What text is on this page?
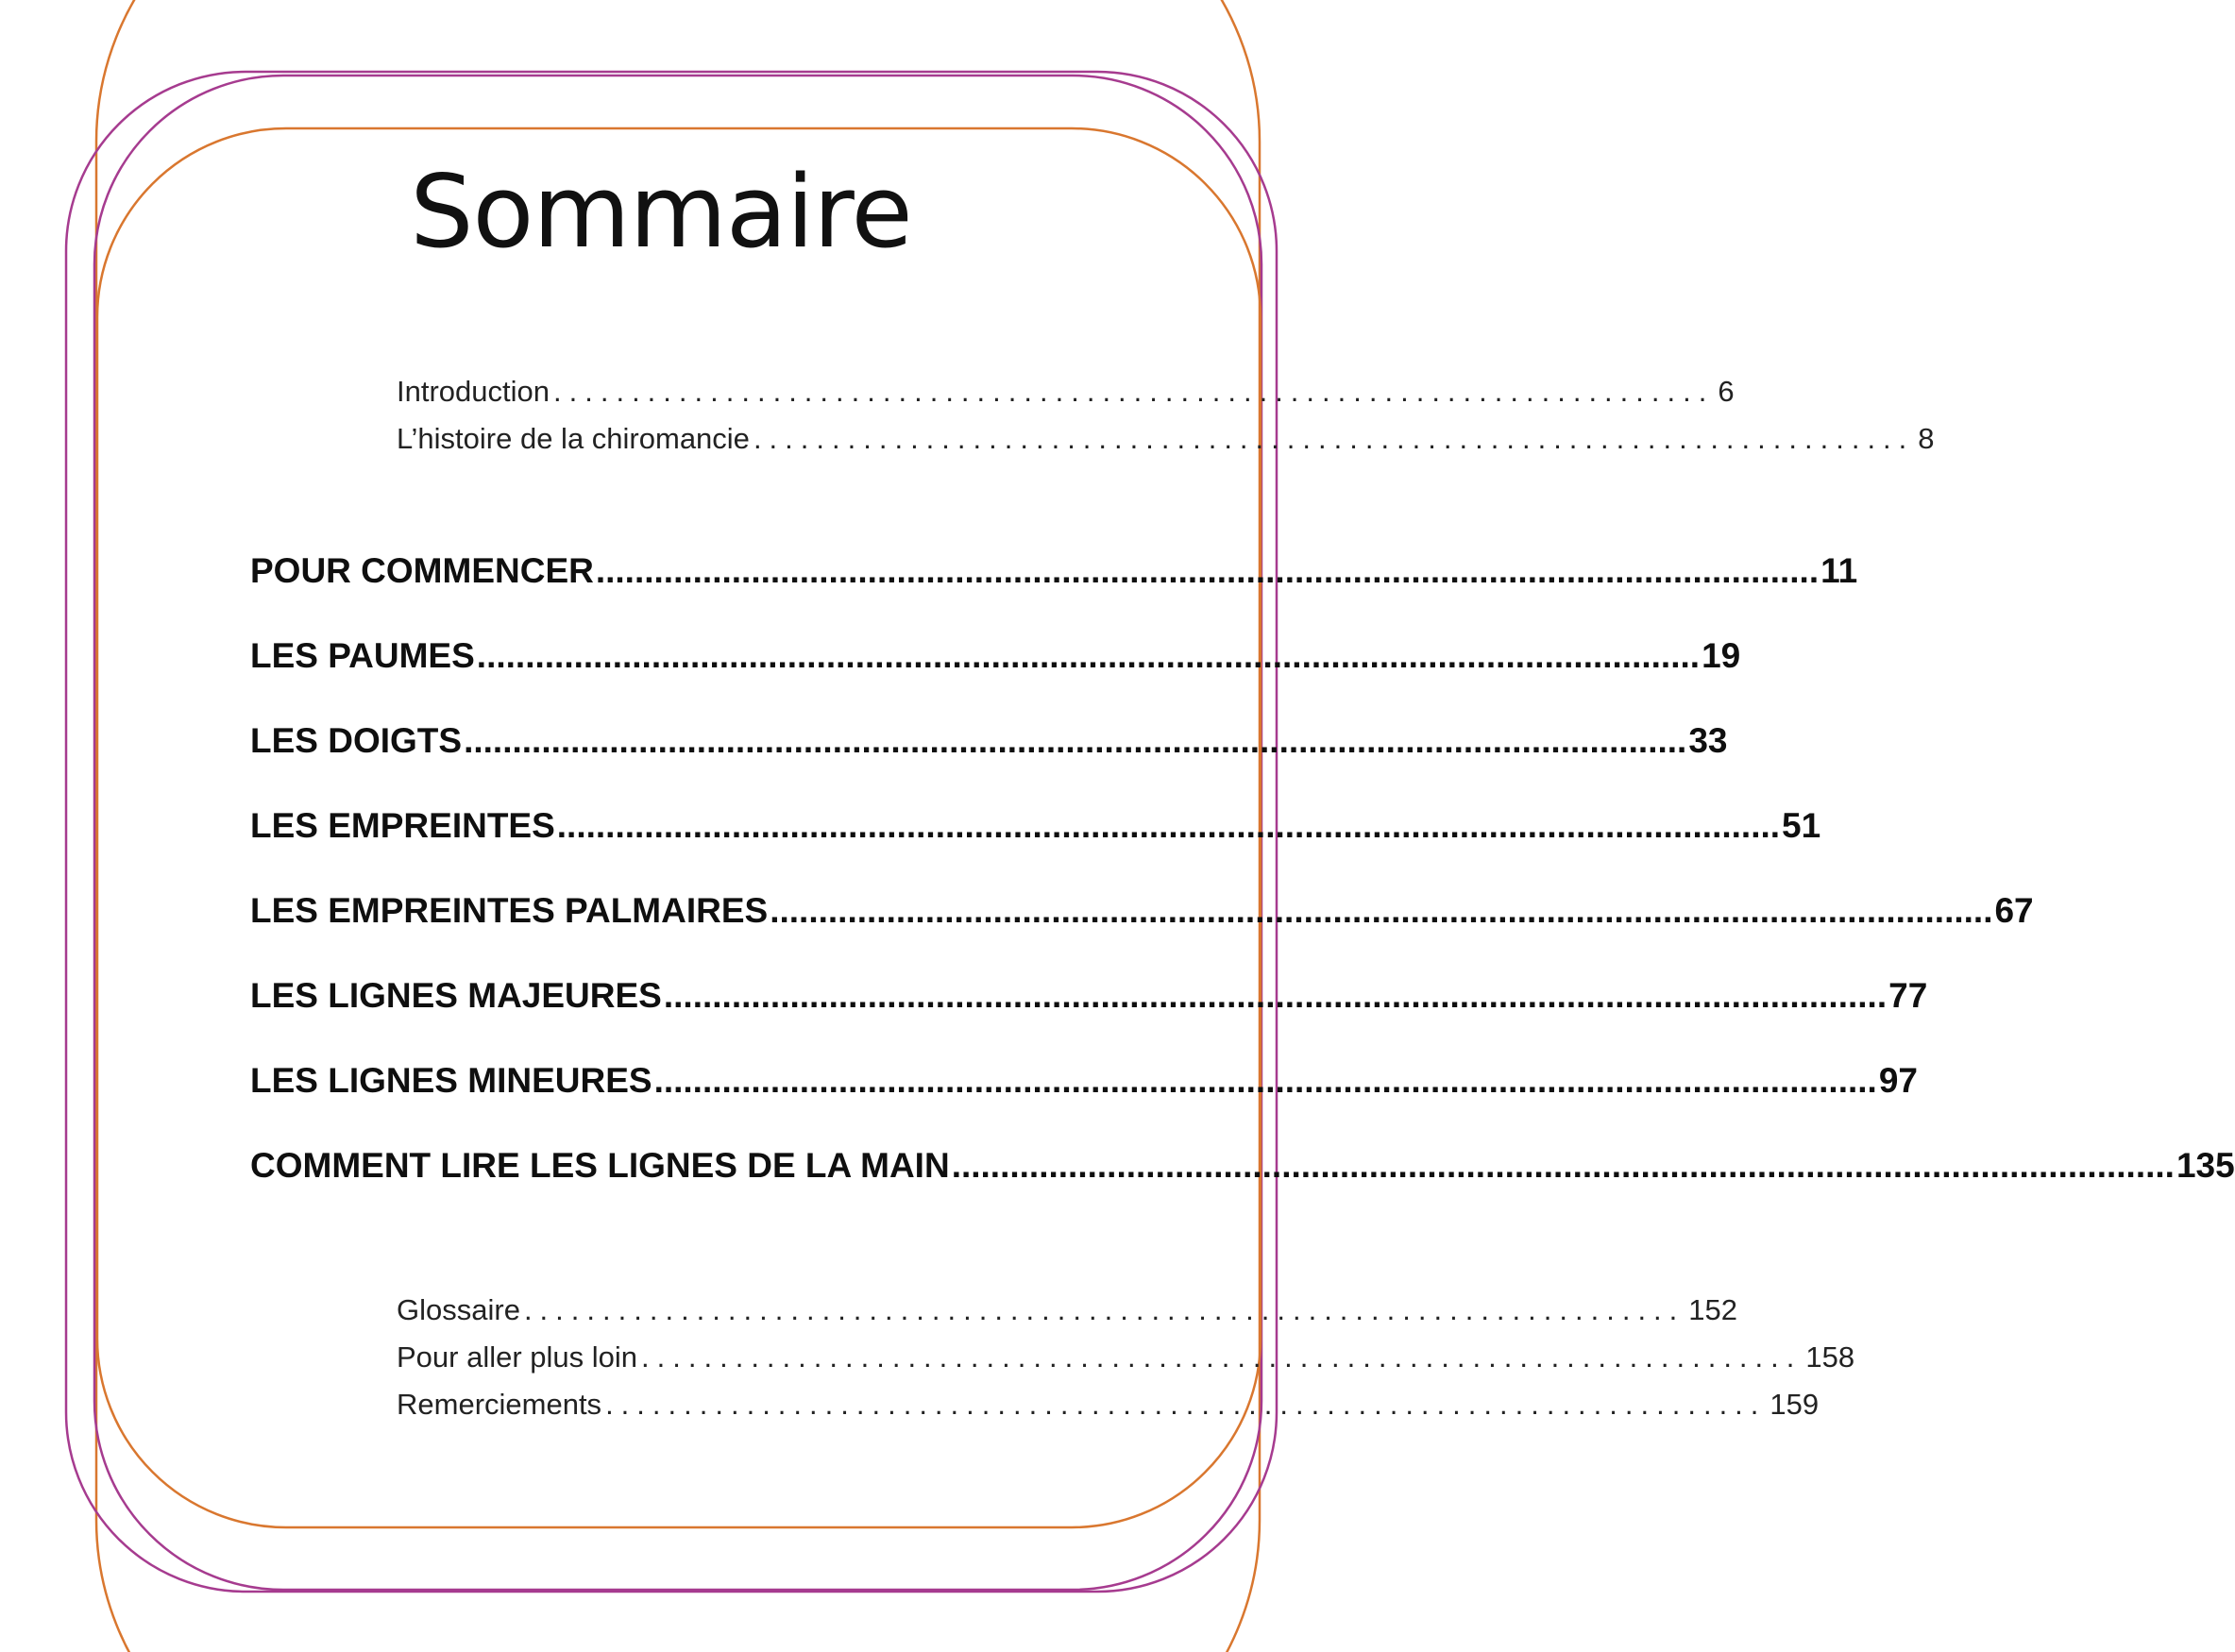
Sommaire
Introduction .......................................................................... 6
L’histoire de la chiromancie .......................................................................... 8
POUR COMMENCER .............................................................................................................................. 11
LES PAUMES .............................................................................................................................. 19
LES DOIGTS .............................................................................................................................. 33
LES EMPREINTES .............................................................................................................................. 51
LES EMPREINTES PALMAIRES .............................................................................................................................. 67
LES LIGNES MAJEURES .............................................................................................................................. 77
LES LIGNES MINEURES .............................................................................................................................. 97
COMMENT LIRE LES LIGNES DE LA MAIN .............................................................................................................................. 135
Glossaire .......................................................................... 152
Pour aller plus loin .......................................................................... 158
Remerciements .......................................................................... 159
